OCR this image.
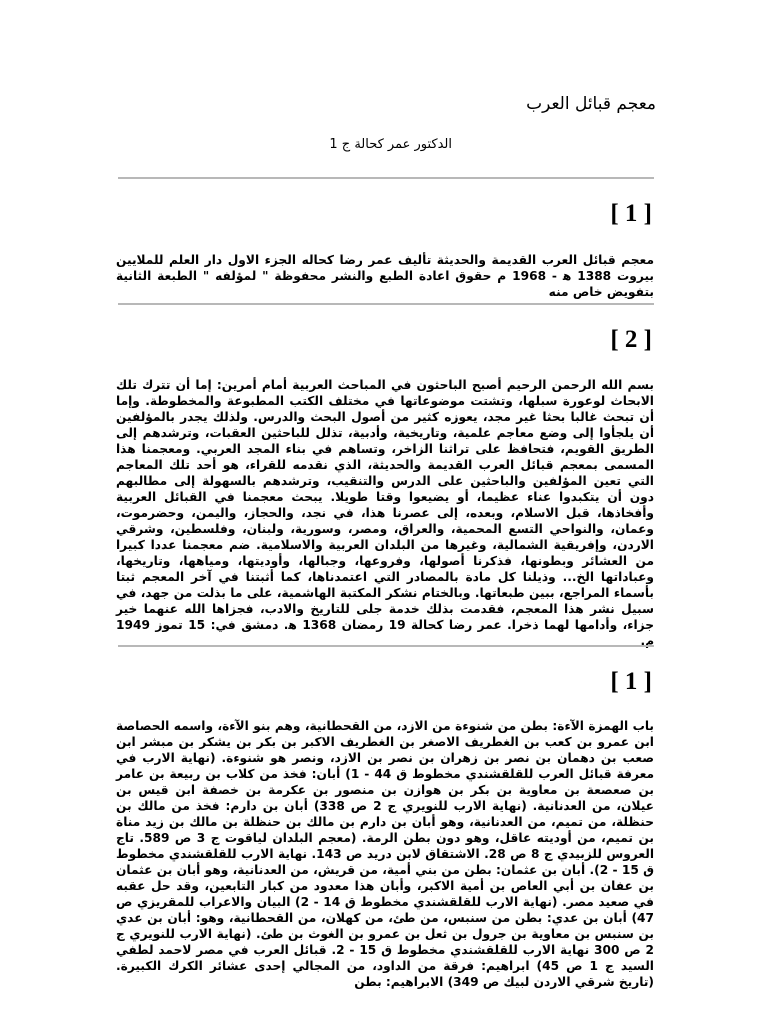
معجم قبائل العرب
الدكتور عمر كحالة ج 1
[ 1 ]
معجم قبائل العرب القديمة والحديثة تأليف عمر رضا كحاله الجزء الاول دار العلم للملايين بيروت 1388 ه‍ - 1968 م حقوق اعادة الطبع والنشر محفوظة " لمؤلفه " الطبعة الثانية بتفويض خاص منه
[ 2 ]
بسم الله الرحمن الرحيم أصبح الباحثون في المباحث العربية أمام أمرين: إما أن تترك تلك الابحاث لوعورة سبلها، وتشتت موضوعاتها في مختلف الكتب المطبوعة والمخطوطة. وإما أن تبحث غالبا بحثا غير مجد، يعوزه كثير من أصول البحث والدرس. ولذلك يجدر بالمؤلفين أن يلجأوا إلى وضع معاجم علمية، وتاريخية، وأدبية، تذلل للباحثين العقبات، وترشدهم إلى الطريق القويم، فتحافظ على تراثنا الزاخر، وتساهم في بناء المجد العربي. ومعجمنا هذا المسمى بمعجم قبائل العرب القديمة والحديثة، الذي نقدمه للقراء، هو أحد تلك المعاجم التي تعين المؤلفين والباحثين على الدرس والتنقيب، وترشدهم بالسهولة إلى مطالبهم دون أن يتكبدوا عناء عظيما، أو يضيعوا وقتا طويلا. يبحث معجمنا في القبائل العربية وأفخاذها، قبل الاسلام، وبعده، إلى عصرنا هذا، في نجد، والحجاز، واليمن، وحضرموت، وعمان، والنواحي التسع المحمية، والعراق، ومصر، وسورية، ولبنان، وفلسطين، وشرقي الاردن، وإفريقية الشمالية، وغيرها من البلدان العربية والاسلامية. ضم معجمنا عددا كبيرا من العشائر وبطونها، فذكرنا أصولها، وفروعها، وجبالها، وأوديتها، ومياهها، وتاريخها، وعباداتها الخ... وذيلنا كل مادة بالمصادر التي اعتمدناها، كما أثبتنا في آخر المعجم ثبتا بأسماء المراجع، ببين طبعاتها. وبالختام نشكر المكتبة الهاشمية، على ما بذلت من جهد، في سبيل نشر هذا المعجم، فقدمت بذلك خدمة جلى للتاريخ والادب، فجزاها الله عنهما خير جزاء، وأدامها لهما ذخرا. عمر رضا كحالة 19 رمضان 1368 ه‍. دمشق في: 15 تموز 1949 م.
[ 1 ]
باب الهمزة الآءة: بطن من شنوءة من الازد، من القحطانية، وهم بنو الآءة، واسمه الحصاصة ابن عمرو بن كعب بن الغطريف الاصغر بن الغطريف الاكبر بن بكر بن يشكر بن مبشر ابن صعب بن دهمان بن نصر بن زهران بن نصر بن الازد، ونصر هو شنوءة. (نهاية الارب في معرفة قبائل العرب للقلقشندي مخطوط ق 44 - 1) أبان: فخذ من كلاب بن ربيعة بن عامر بن صعصعة بن معاوية بن بكر بن هوازن بن منصور بن عكرمة بن خصفة ابن قيس بن عيلان، من العدنانية. (نهاية الارب للنويري ج 2 ص 338) أبان بن دارم: فخذ من مالك بن حنظلة، من تميم، من العدنانية، وهو أبان بن دارم بن مالك بن حنظلة بن مالك بن زيد مناة بن تميم، من أوديته عاقل، وهو دون بطن الرمة. (معجم البلدان لياقوت ج 3 ص 589. تاج العروس للزبيدي ج 8 ص 28. الاشتقاق لابن دريد ص 143. نهاية الارب للقلقشندي مخطوط ق 15 - 2). أبان بن عثمان: بطن من بني أمية، من قريش، من العدنانية، وهو أبان بن عثمان بن عفان بن أبي العاص بن أمية الاكبر، وأبان هذا معدود من كبار التابعين، وقد حل عقبه في صعيد مصر. (نهاية الارب للقلقشندي مخطوط ق 14 - 2) البيان والاعراب للمقريزي ص 47) أبان بن عدي: بطن من سنبس، من طئ، من كهلان، من القحطانية، وهو: أبان بن عدي بن سنبس بن معاوية بن جرول بن ثعل بن عمرو بن الغوث بن طئ. (نهاية الارب للنويري ج 2 ص 300 نهاية الارب للقلقشندي مخطوط ق 15 - 2. قبائل العرب في مصر لاحمد لطفي السيد ج 1 ص 45) ابراهيم: فرقة من الداود، من المجالي إحدى عشائر الكرك الكبيرة. (تاريخ شرقي الاردن لبيك ص 349) الابراهيم: بطن
